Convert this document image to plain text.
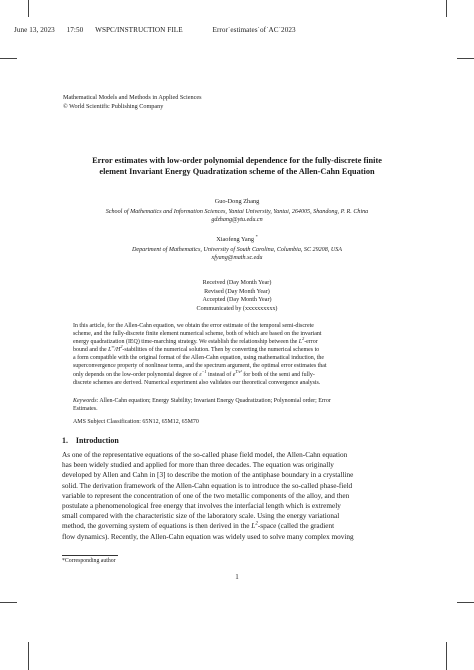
June 13, 2023 17:50 WSPC/INSTRUCTION FILE	Error˙estimates˙of˙AC˙2023
Mathematical Models and Methods in Applied Sciences
© World Scientific Publishing Company
Error estimates with low-order polynomial dependence for the fully-discrete finite
element Invariant Energy Quadratization scheme of the Allen-Cahn Equation
Guo-Dong Zhang
School of Mathematics and Information Sciences, Yantai University, Yantai, 264005, Shandong, P. R. China
gdzhang@ytu.edu.cn
Xiaofeng Yang *
Department of Mathematics, University of South Carolina, Columbia, SC 29208, USA
xfyang@math.sc.edu
Received (Day Month Year)
Revised (Day Month Year)
Accepted (Day Month Year)
Communicated by (xxxxxxxxxx)
In this article, for the Allen-Cahn equation, we obtain the error estimate of the temporal semi-discrete
scheme, and the fully-discrete finite element numerical scheme, both of which are based on the invariant
energy quadratization (IEQ) time-marching strategy. We establish the relationship between the $L^2$-error
bound and the $L^\infty/H^2$-stabilities of the numerical solution. Then by converting the numerical schemes to
a form compatible with the original format of the Allen-Cahn equation, using mathematical induction, the
superconvergence property of nonlinear terms, and the spectrum argument, the optimal error estimates that
only depends on the low-order polynomial degree of $\varepsilon^{-1}$ instead of $e^{T/\varepsilon^2}$ for both of the semi and fully-
discrete schemes are derived. Numerical experiment also validates our theoretical convergence analysis.
Keywords: Allen-Cahn equation; Energy Stability; Invariant Energy Quadratization; Polynomial order; Error
Estimates.
AMS Subject Classification: 65N12, 65M12, 65M70
1. Introduction
As one of the representative equations of the so-called phase field model, the Allen-Cahn equation
has been widely studied and applied for more than three decades. The equation was originally
developed by Allen and Cahn in [3] to describe the motion of the antiphase boundary in a crystalline
solid. The derivation framework of the Allen-Cahn equation is to introduce the so-called phase-field
variable to represent the concentration of one of the two metallic components of the alloy, and then
postulate a phenomenological free energy that involves the interfacial length which is extremely
small compared with the characteristic size of the laboratory scale. Using the energy variational
method, the governing system of equations is then derived in the $L^2$-space (called the gradient
flow dynamics). Recently, the Allen-Cahn equation was widely used to solve many complex moving
*Corresponding author
1
